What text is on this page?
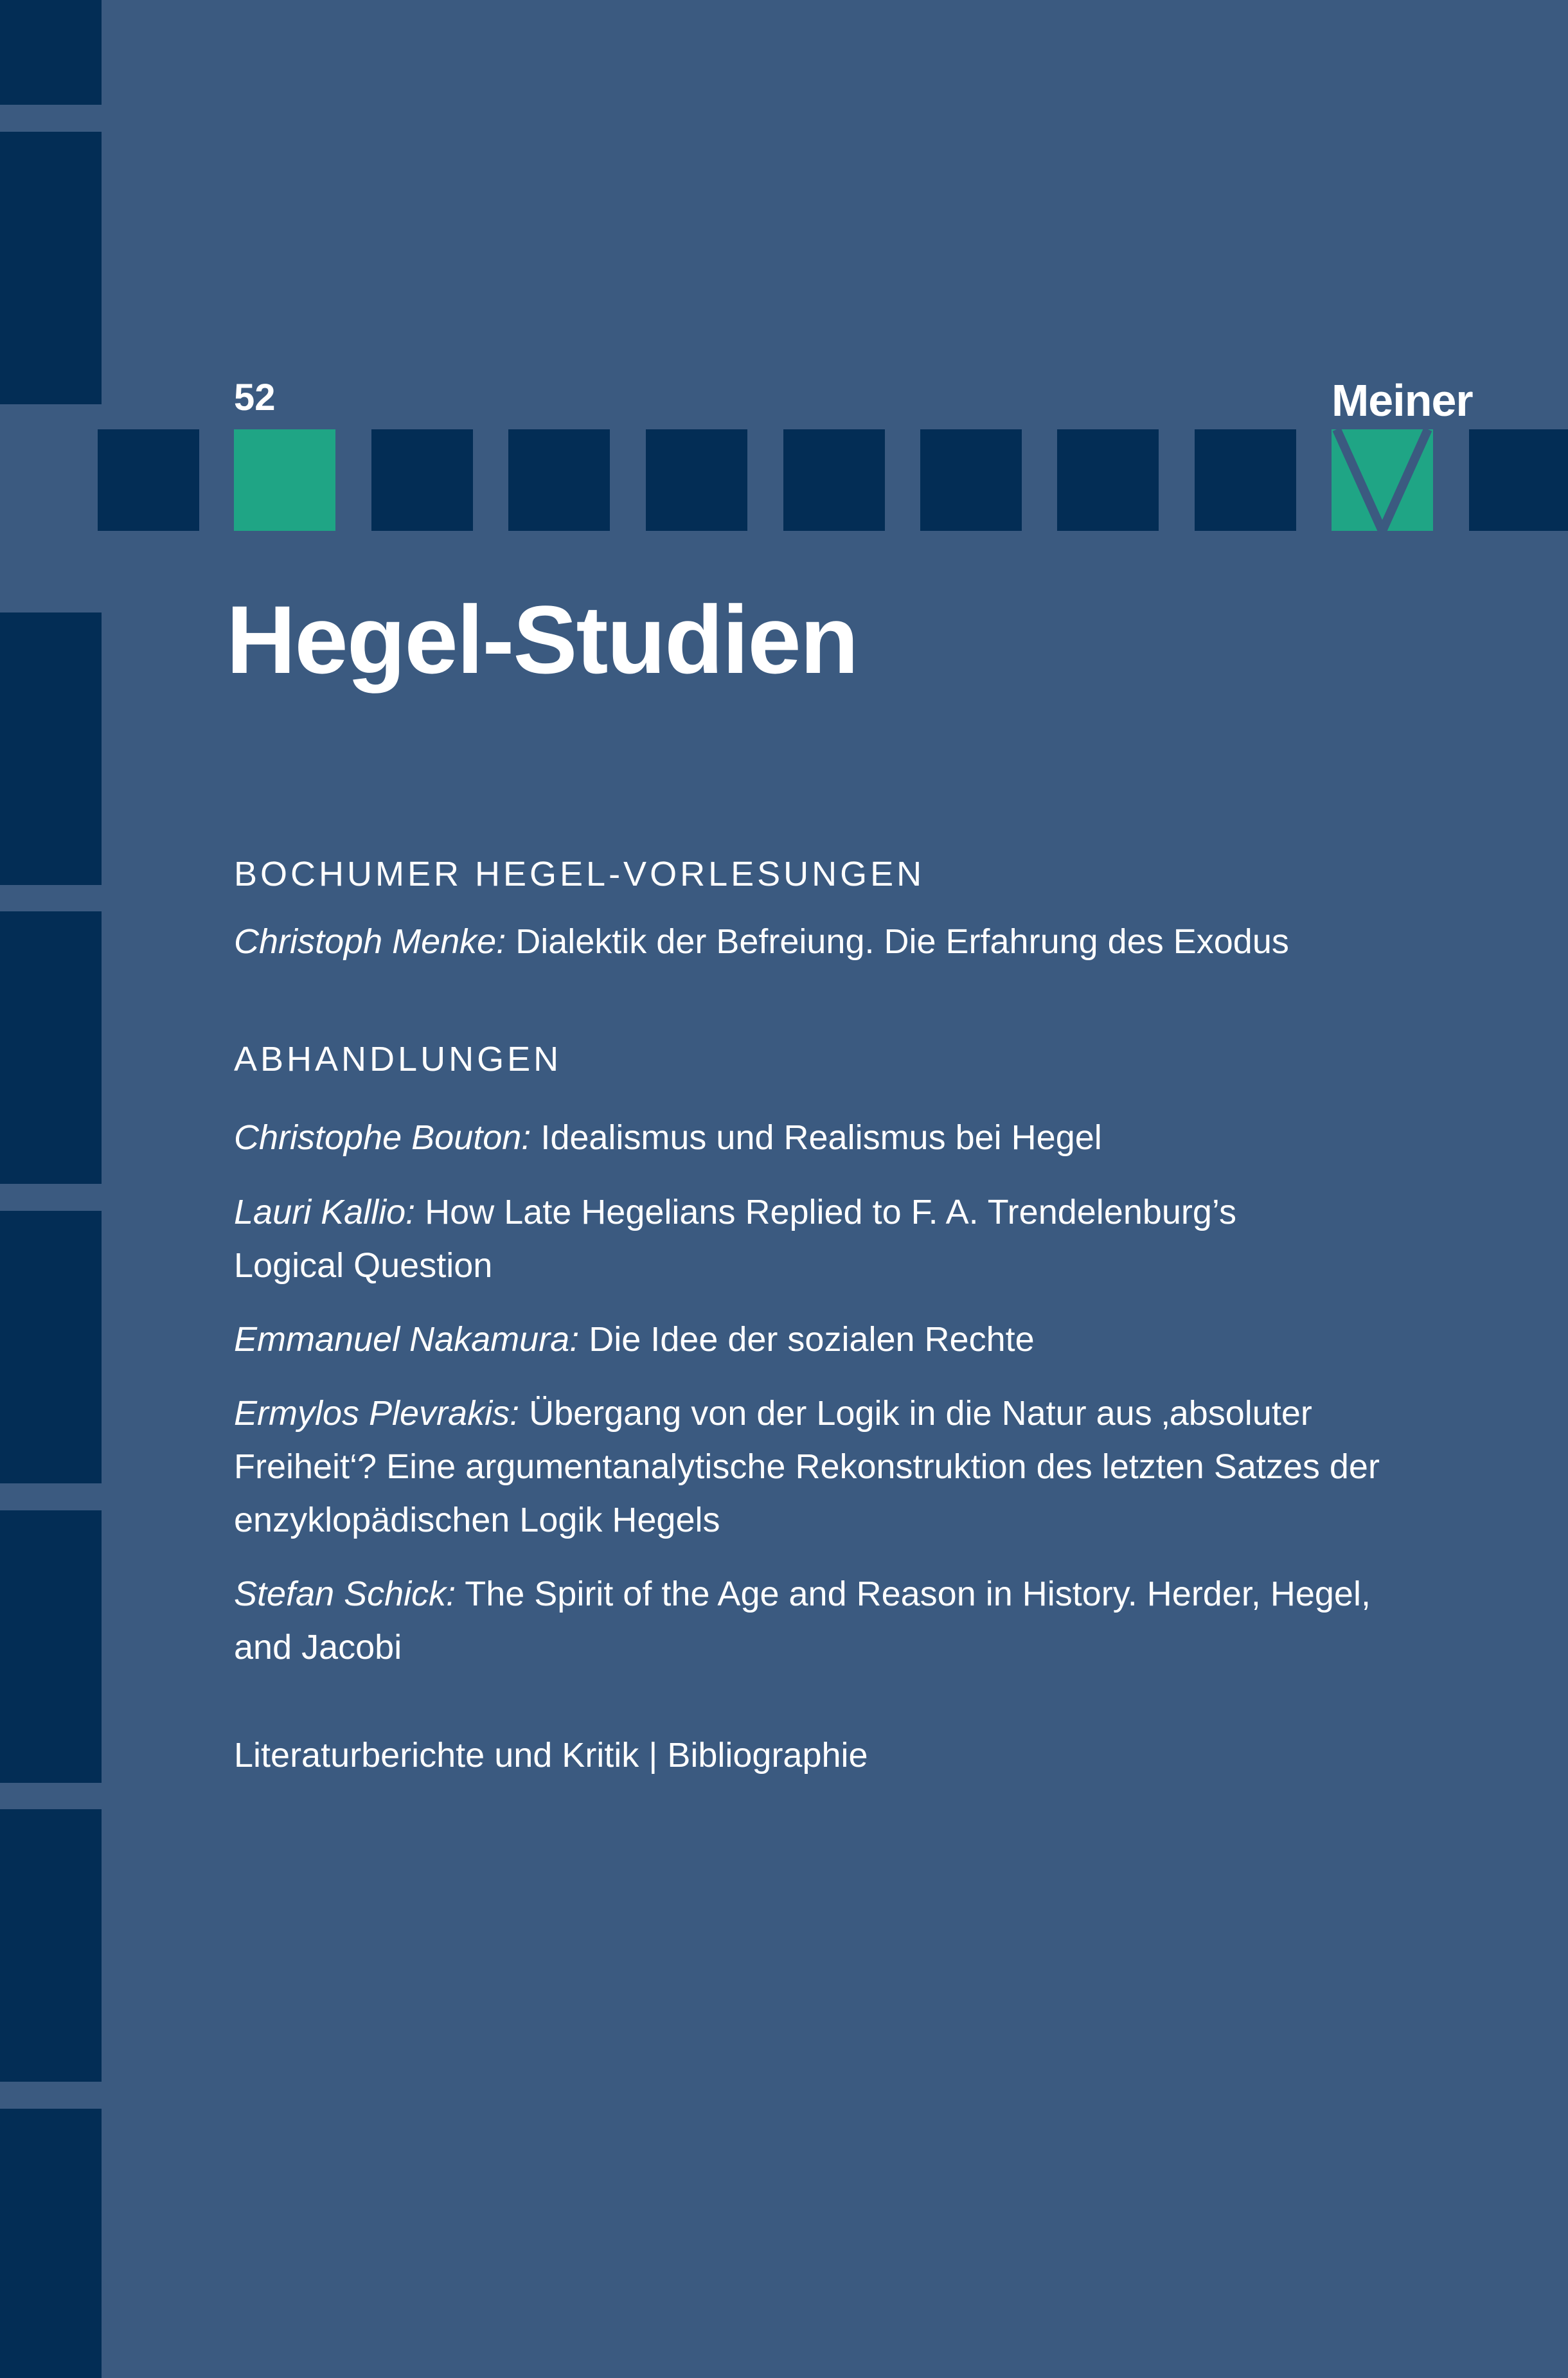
52	Meiner
Hegel-Studien
BOCHUMER HEGEL-VORLESUNGEN
Christoph Menke: Dialektik der Befreiung. Die Erfahrung des Exodus
ABHANDLUNGEN
Christophe Bouton: Idealismus und Realismus bei Hegel
Lauri Kallio: How Late Hegelians Replied to F. A. Trendelenburg’s Logical Question
Emmanuel Nakamura: Die Idee der sozialen Rechte
Ermylos Plevrakis: Übergang von der Logik in die Natur aus ‚absoluter Freiheit‘? Eine argumentanalytische Rekonstruktion des letzten Satzes der enzyklopädischen Logik Hegels
Stefan Schick: The Spirit of the Age and Reason in History. Herder, Hegel, and Jacobi
Literaturberichte und Kritik | Bibliographie
